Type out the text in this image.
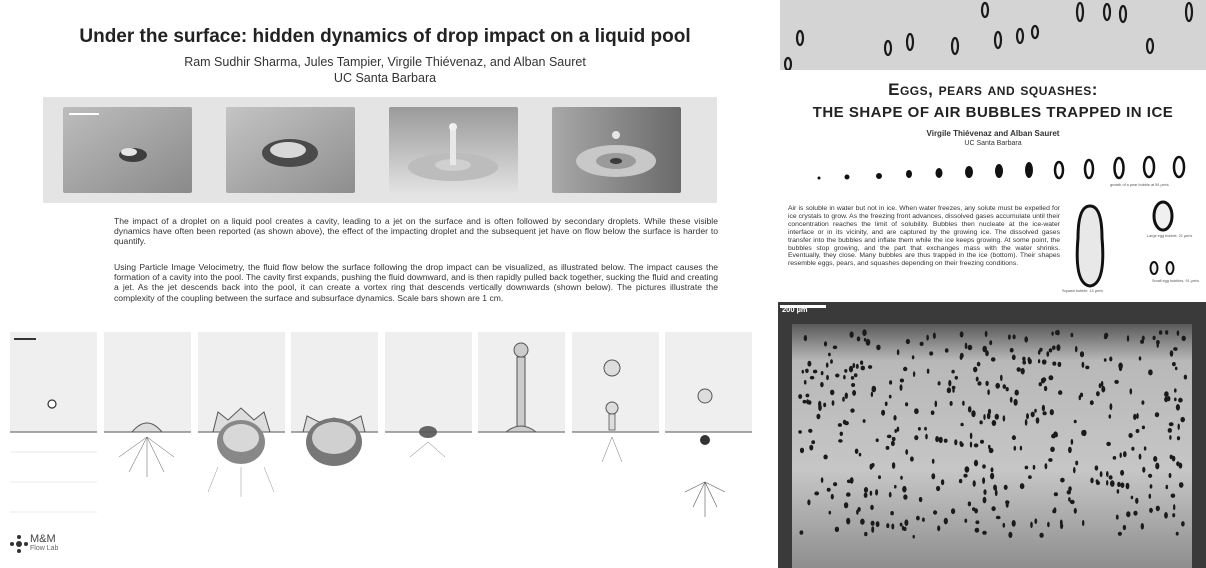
Under the surface: hidden dynamics of drop impact on a liquid pool
Ram Sudhir Sharma, Jules Tampier, Virgile Thiévenaz, and Alban Sauret
UC Santa Barbara
The impact of a droplet on a liquid pool creates a cavity, leading to a jet on the surface and is often followed by secondary droplets. While these visible dynamics have often been reported (as shown above), the effect of the impacting droplet and the subsequent jet have on flow below the surface is harder to quantify.
Using Particle Image Velocimetry, the fluid flow below the surface following the drop impact can be visualized, as illustrated below. The impact causes the formation of a cavity into the pool. The cavity first expands, pushing the fluid downward, and is then rapidly pulled back together, sucking the fluid and creating a jet. As the jet descends back into the pool, it can create a vortex ring that descends vertically downwards (shown below). The pictures illustrate the complexity of the coupling between the surface and subsurface dynamics. Scale bars shown are 1 cm.
M&M
Flow Lab
Eggs, pears and squashes:
THE SHAPE OF AIR BUBBLES TRAPPED IN ICE
Virgile Thiévenaz and Alban Sauret
UC Santa Barbara
growth of a pear bubble at 54 µm/s
Air is soluble in water but not in ice. When water freezes, any solute must be expelled for ice crystals to grow. As the freezing front advances, dissolved gases accumulate until their concentration reaches the limit of solubility. Bubbles then nucleate at the ice-water interface or in its vicinity, and are captured by the growing ice. The dissolved gases transfer into the bubbles and inflate them while the ice keeps growing. At some point, the bubbles stop growing, and the part that exchanges mass with the water shrinks. Eventually, they close. Many bubbles are thus trapped in the ice (bottom). Their shapes resemble eggs, pears, and squashes depending on their freezing conditions.
Squash bubble, 13 µm/s
Large egg bubble, 21 µm/s
Small egg bubbles, 91 µm/s
200 µm
